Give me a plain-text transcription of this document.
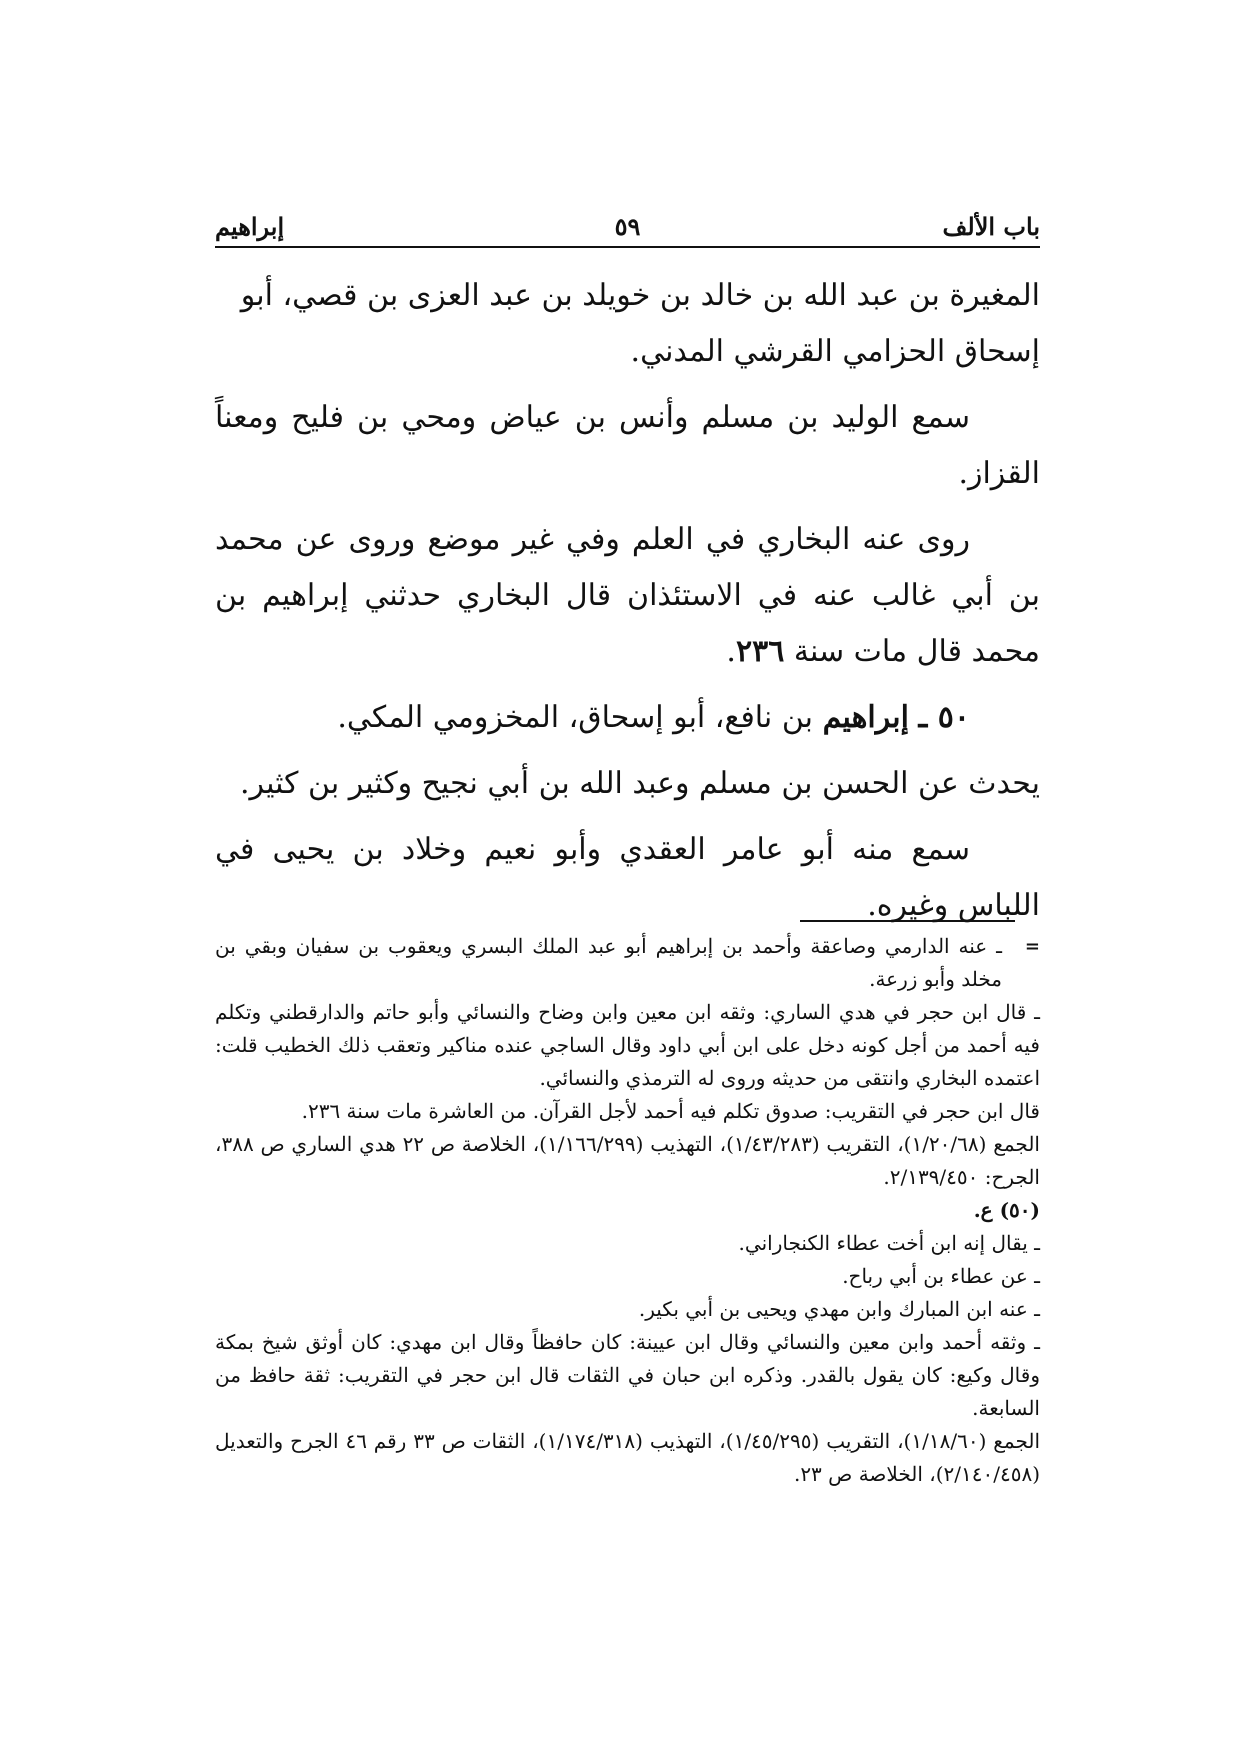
باب الألف
٥٩
إبراهيم

المغيرة بن عبد الله بن خالد بن خويلد بن عبد العزى بن قصي، أبو
إسحاق الحزامي القرشي المدني.

سمع الوليد بن مسلم وأنس بن عياض ومحي بن فليح ومعناً القزاز.

روى عنه البخاري في العلم وفي غير موضع وروى عن محمد بن أبي غالب عنه في الاستئذان قال البخاري حدثني إبراهيم بن محمد قال مات سنة ٢٣٦.

٥٠ ـ إبراهيم بن نافع، أبو إسحاق، المخزومي المكي.

يحدث عن الحسن بن مسلم وعبد الله بن أبي نجيح وكثير بن كثير.

سمع منه أبو عامر العقدي وأبو نعيم وخلاد بن يحيى في اللباس وغيره.

=
ـ عنه الدارمي وصاعقة وأحمد بن إبراهيم أبو عبد الملك البسري ويعقوب بن سفيان وبقي بن مخلد وأبو زرعة.

ـ قال ابن حجر في هدي الساري: وثقه ابن معين وابن وضاح والنسائي وأبو حاتم والدارقطني وتكلم فيه أحمد من أجل كونه دخل على ابن أبي داود وقال الساجي عنده مناكير وتعقب ذلك الخطيب قلت: اعتمده البخاري وانتقى من حديثه وروى له الترمذي والنسائي.

قال ابن حجر في التقريب: صدوق تكلم فيه أحمد لأجل القرآن. من العاشرة مات سنة ٢٣٦.

الجمع (١/٢٠/٦٨)، التقريب (١/٤٣/٢٨٣)، التهذيب (١/١٦٦/٢٩٩)، الخلاصة ص ٢٢ هدي الساري ص ٣٨٨، الجرح: ٢/١٣٩/٤٥٠.

(٥٠) ع.

ـ يقال إنه ابن أخت عطاء الكنجاراني.

ـ عن عطاء بن أبي رباح.

ـ عنه ابن المبارك وابن مهدي ويحيى بن أبي بكير.

ـ وثقه أحمد وابن معين والنسائي وقال ابن عيينة: كان حافظاً وقال ابن مهدي: كان أوثق شيخ بمكة وقال وكيع: كان يقول بالقدر. وذكره ابن حبان في الثقات قال ابن حجر في التقريب: ثقة حافظ من السابعة.

الجمع (١/١٨/٦٠)، التقريب (١/٤٥/٢٩٥)، التهذيب (١/١٧٤/٣١٨)، الثقات ص ٣٣ رقم ٤٦ الجرح والتعديل (٢/١٤٠/٤٥٨)، الخلاصة ص ٢٣.
